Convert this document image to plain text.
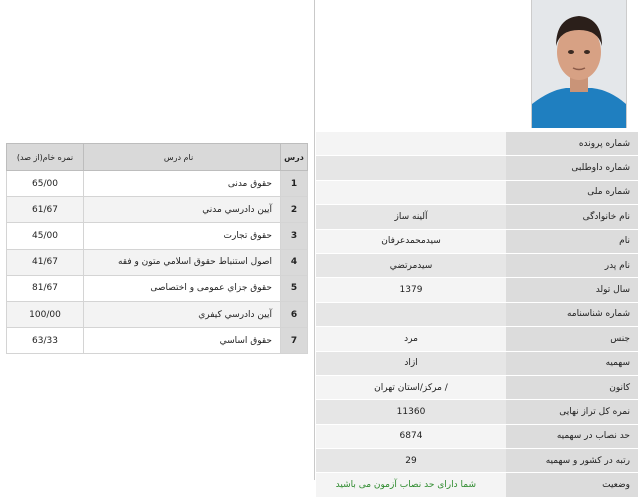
	شماره پرونده
	شماره داوطلبی
	شماره ملی
آلینه ساز	نام خانوادگی
سیدمحمدعرفان	نام
سیدمرتضي	نام پدر
1379	سال تولد
	شماره شناسنامه
مرد	جنس
ازاد	سهمیه
/ مرکز/استان تهران	کانون
11360	نمره کل تراز نهایی
6874	حد نصاب در سهمیه
29	رتبه در کشور و سهمیه
شما دارای حد نصاب آزمون می باشید	وضعیت
نمره خام(از صد)	نام درس	درس
65/00	حقوق مدنی	1
61/67	آيين دادرسي مدني	2
45/00	حقوق تجارت	3
41/67	اصول استنباط حقوق اسلامي متون و فقه	4
81/67	حقوق جزاي عمومی و اختصاصی	5
100/00	آيين دادرسي كيفري	6
63/33	حقوق اساسي	7
